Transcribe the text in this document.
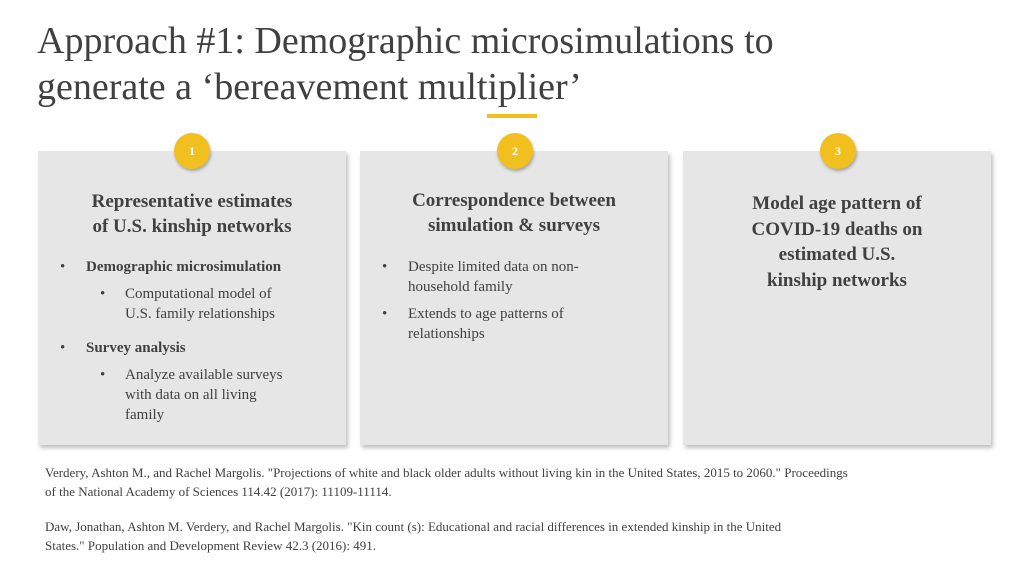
Approach #1: Demographic microsimulations to
generate a ‘bereavement multiplier’
1	2	3
Representative estimates
of U.S. kinship networks
• Demographic microsimulation
• Computational model of
U.S. family relationships
• Survey analysis
• Analyze available surveys
with data on all living
family
Correspondence between
simulation & surveys
• Despite limited data on non-
household family
• Extends to age patterns of
relationships
Model age pattern of
COVID-19 deaths on
estimated U.S.
kinship networks

Verdery, Ashton M., and Rachel Margolis. "Projections of white and black older adults without living kin in the United States, 2015 to 2060." Proceedings
of the National Academy of Sciences 114.42 (2017): 11109-11114.

Daw, Jonathan, Ashton M. Verdery, and Rachel Margolis. "Kin count (s): Educational and racial differences in extended kinship in the United
States." Population and Development Review 42.3 (2016): 491.
